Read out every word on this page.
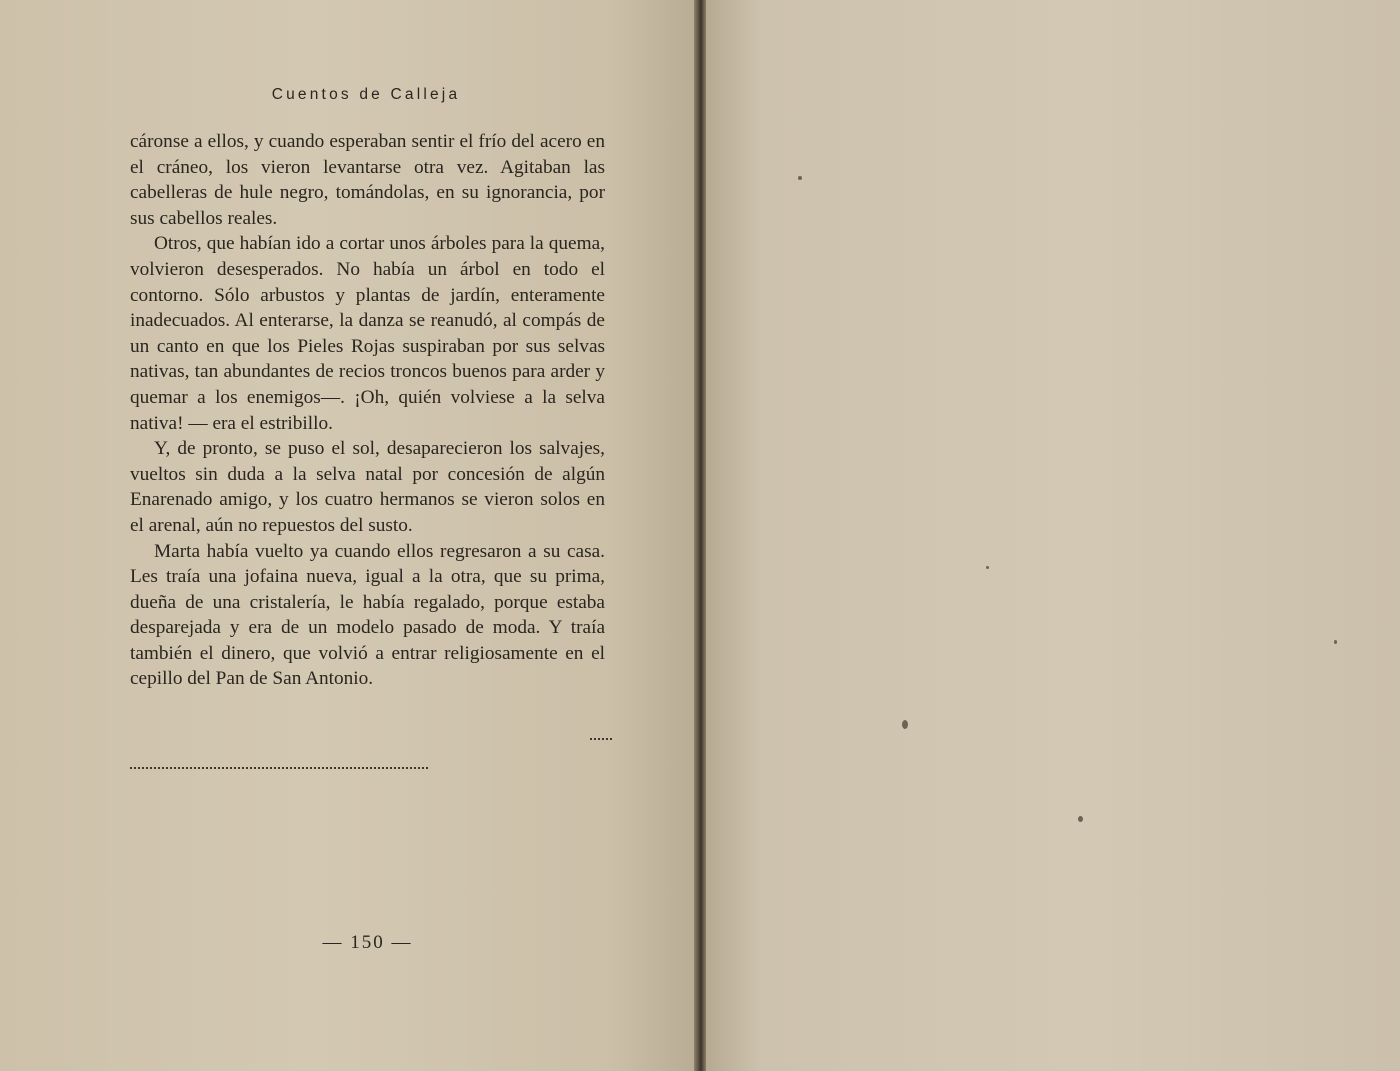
Cuentos de Calleja

cáronse a ellos, y cuando esperaban sentir el frío del acero en el cráneo, los vieron levantarse otra vez. Agitaban las cabelleras de hule negro, tomándolas, en su ignorancia, por sus cabellos reales.

Otros, que habían ido a cortar unos árboles para la quema, volvieron desesperados. No había un árbol en todo el contorno. Sólo arbustos y plantas de jardín, enteramente inadecuados. Al enterarse, la danza se reanudó, al compás de un canto en que los Pieles Rojas suspiraban por sus selvas nativas, tan abundantes de recios troncos buenos para arder y quemar a los enemigos—. ¡Oh, quién volviese a la selva nativa! — era el estribillo.

Y, de pronto, se puso el sol, desaparecieron los salvajes, vueltos sin duda a la selva natal por concesión de algún Enarenado amigo, y los cuatro hermanos se vieron solos en el arenal, aún no repuestos del susto.

Marta había vuelto ya cuando ellos regresaron a su casa. Les traía una jofaina nueva, igual a la otra, que su prima, dueña de una cristalería, le había regalado, porque estaba desparejada y era de un modelo pasado de moda. Y traía también el dinero, que volvió a entrar religiosamente en el cepillo del Pan de San Antonio.

— 150 —
